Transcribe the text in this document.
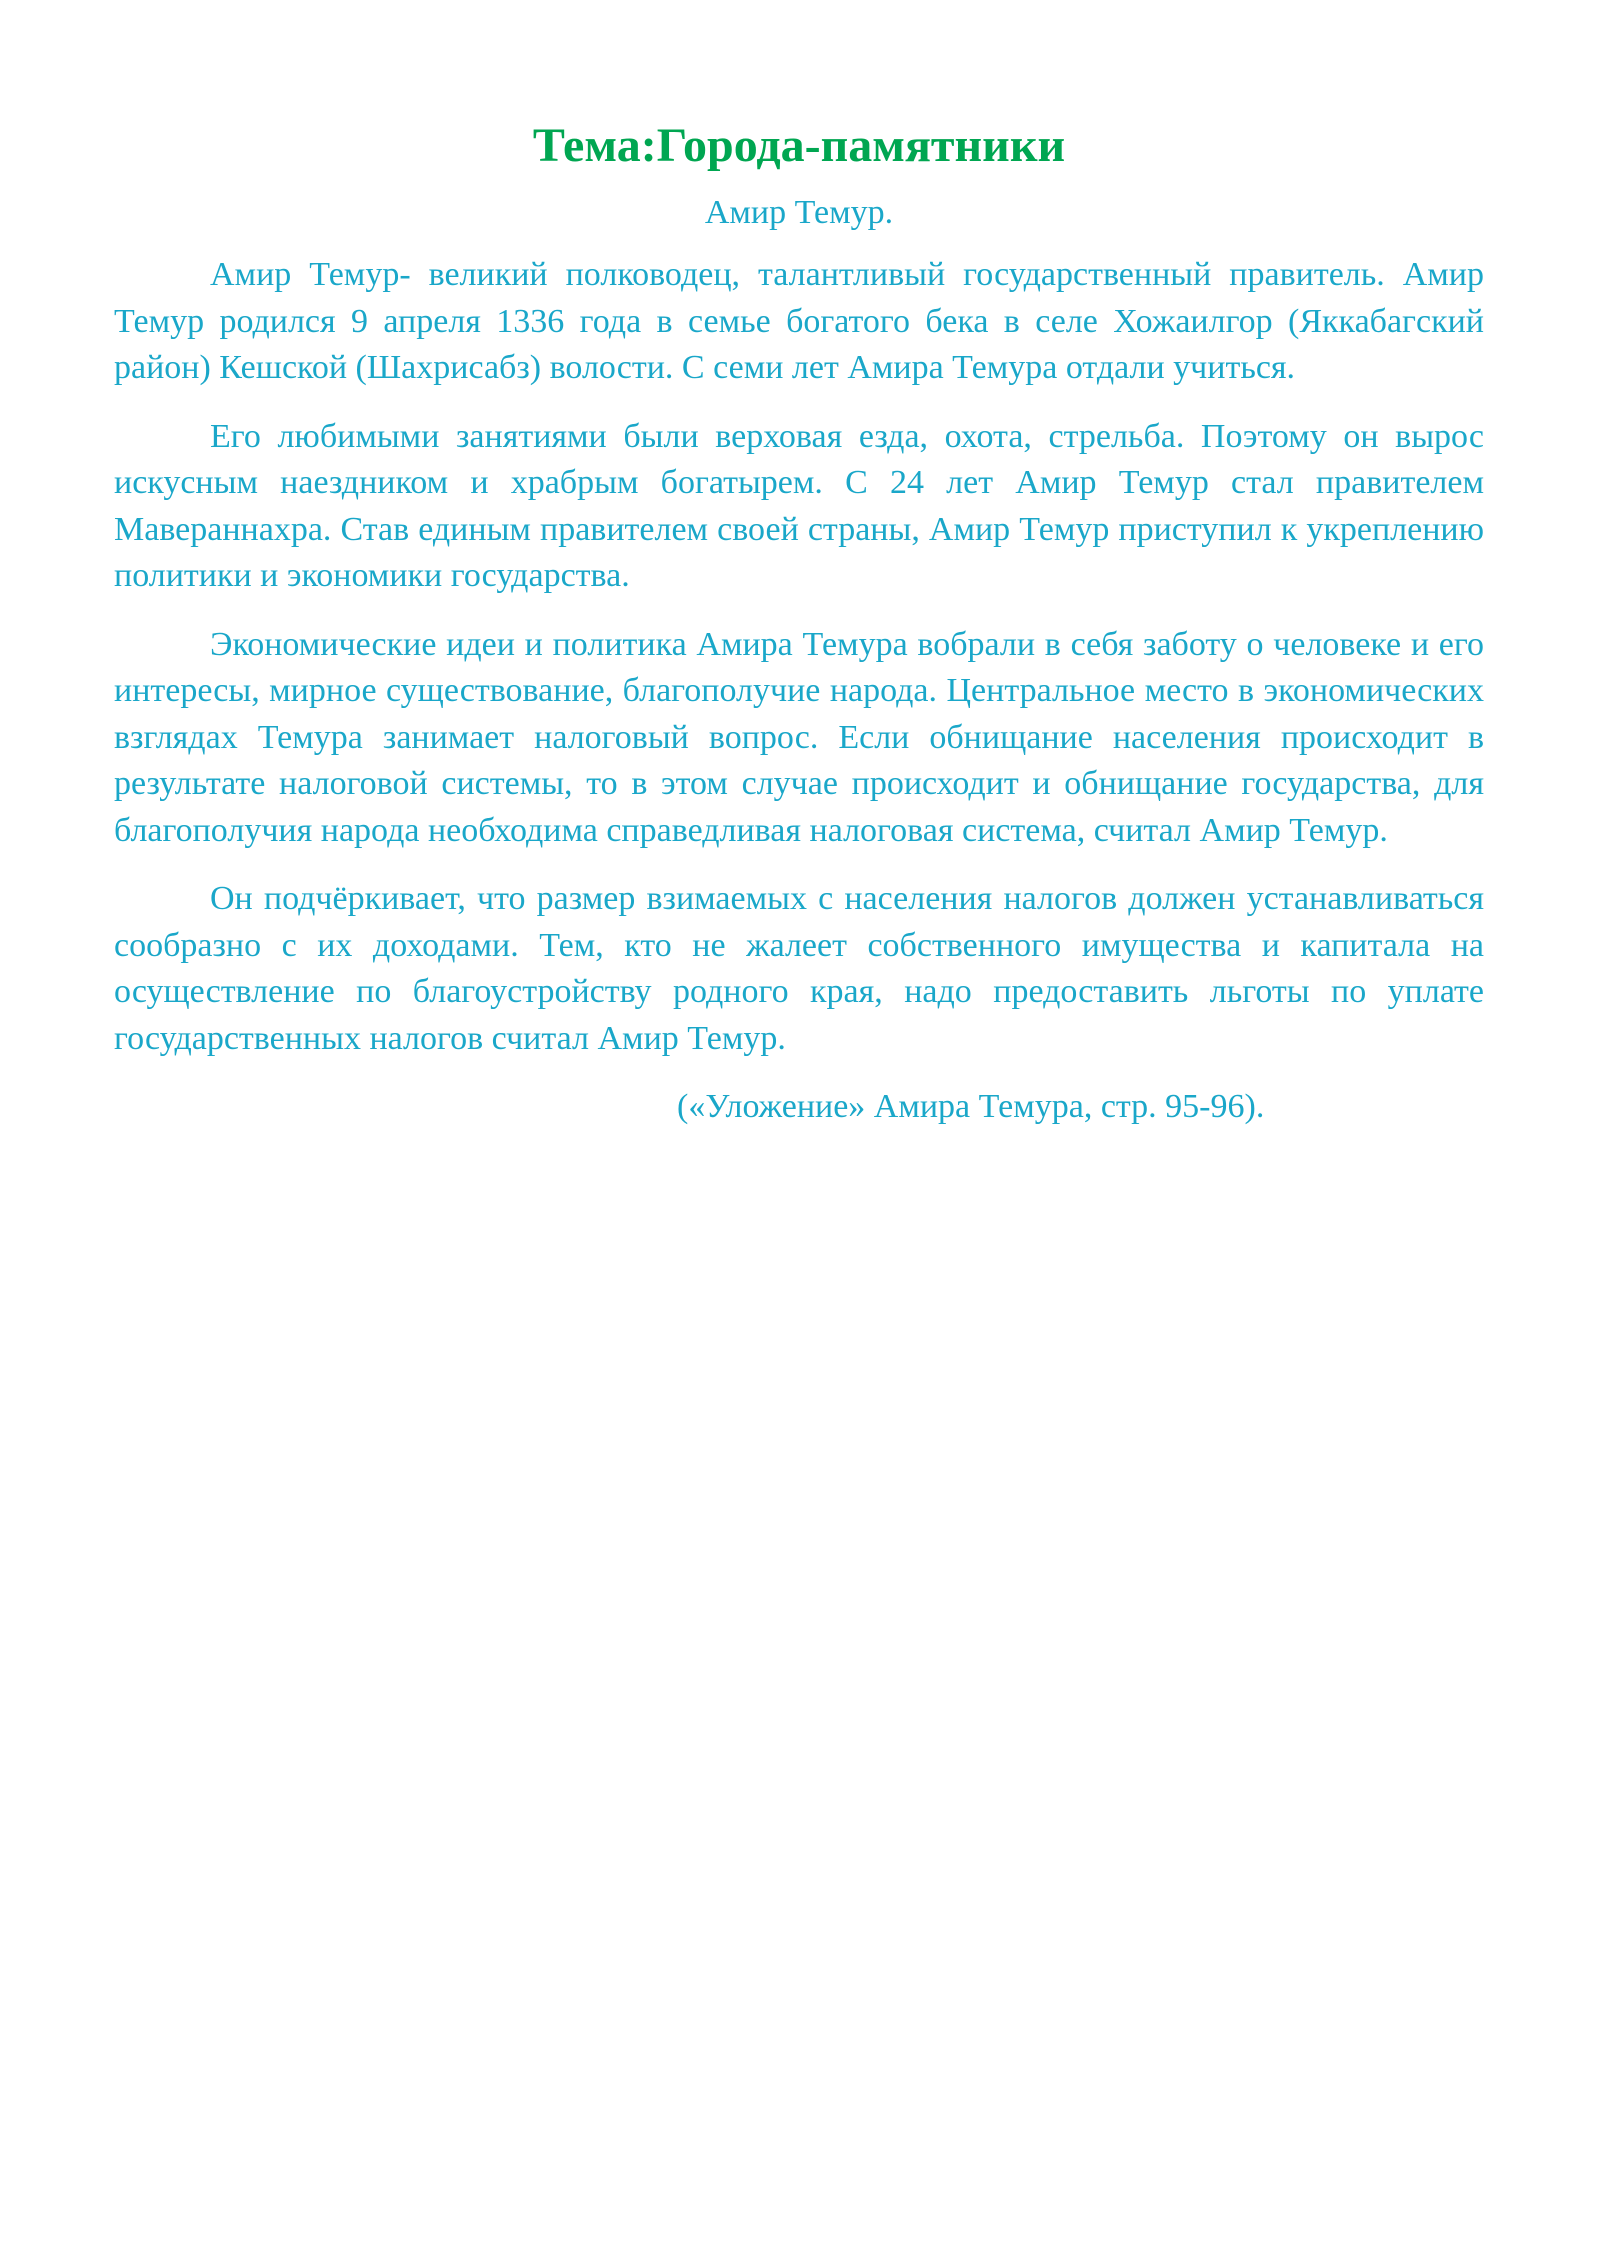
Тема:Города-памятники

Амир Темур.

Амир Темур- великий полководец, талантливый государственный правитель. Амир Темур родился 9 апреля 1336 года в семье богатого бека в селе Хожаилгор (Яккабагский район) Кешской (Шахрисабз) волости. С семи лет Амира Темура отдали учиться.

Его любимыми занятиями были верховая езда, охота, стрельба. Поэтому он вырос искусным наездником и храбрым богатырем. С 24 лет Амир Темур стал правителем Мавераннахра. Став единым правителем своей страны, Амир Темур приступил к укреплению политики и экономики государства.

Экономические идеи и политика Амира Темура вобрали в себя заботу о человеке и его интересы, мирное существование, благополучие народа. Центральное место в экономических взглядах Темура занимает налоговый вопрос. Если обнищание населения происходит в результате налоговой системы, то в этом случае происходит и обнищание государства, для благополучия народа необходима справедливая налоговая система, считал Амир Темур.

Он подчёркивает, что размер взимаемых с населения налогов должен устанавливаться сообразно с их доходами. Тем, кто не жалеет собственного имущества и капитала на осуществление по благоустройству родного края, надо предоставить льготы по уплате государственных налогов считал Амир Темур.

(«Уложение» Амира Темура, стр. 95-96).
